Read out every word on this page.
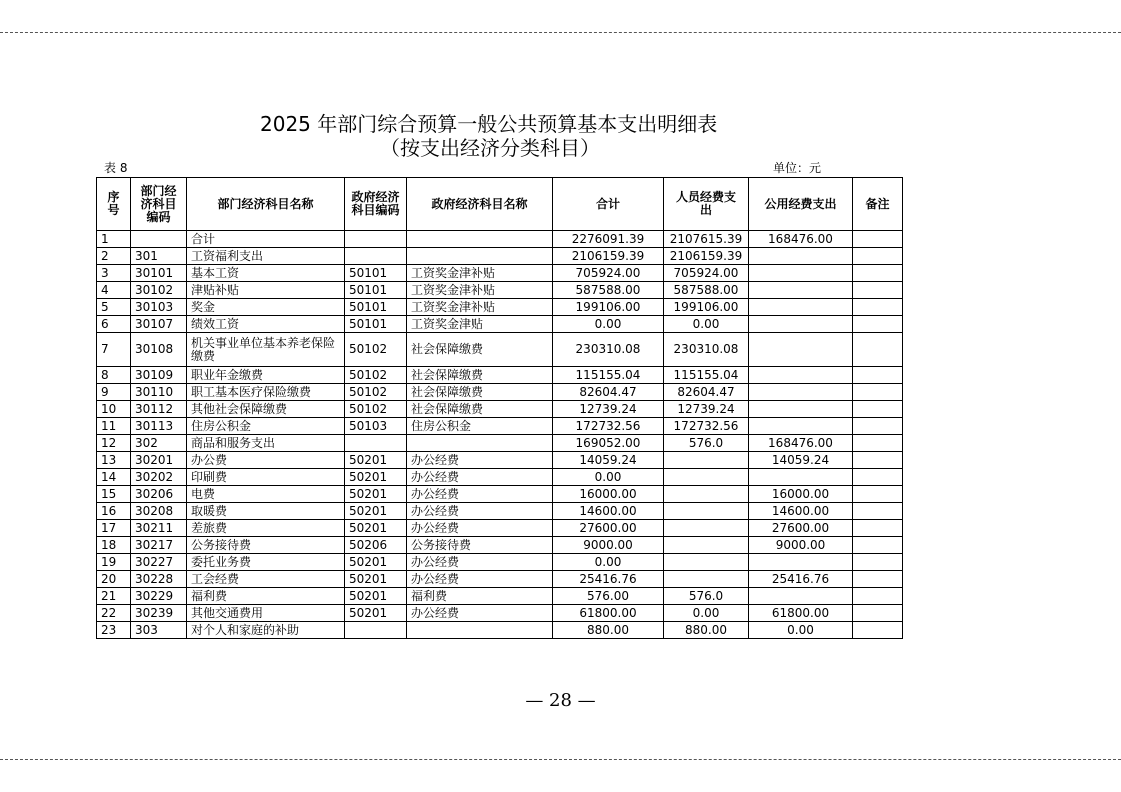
2025 年部门综合预算一般公共预算基本支出明细表
（按支出经济分类科目）
表 8	单位：元
序号	部门经济科目编码	部门经济科目名称	政府经济科目编码	政府经济科目名称	合计	人员经费支出	公用经费支出	备注
1		合计			2276091.39	2107615.39	168476.00	
2	301	工资福利支出			2106159.39	2106159.39		
3	30101	基本工资	50101	工资奖金津补贴	705924.00	705924.00		
4	30102	津贴补贴	50101	工资奖金津补贴	587588.00	587588.00		
5	30103	奖金	50101	工资奖金津补贴	199106.00	199106.00		
6	30107	绩效工资	50101	工资奖金津贴	0.00	0.00		
7	30108	机关事业单位基本养老保险缴费	50102	社会保障缴费	230310.08	230310.08		
8	30109	职业年金缴费	50102	社会保障缴费	115155.04	115155.04		
9	30110	职工基本医疗保险缴费	50102	社会保障缴费	82604.47	82604.47		
10	30112	其他社会保障缴费	50102	社会保障缴费	12739.24	12739.24		
11	30113	住房公积金	50103	住房公积金	172732.56	172732.56		
12	302	商品和服务支出			169052.00	576.0	168476.00	
13	30201	办公费	50201	办公经费	14059.24		14059.24	
14	30202	印刷费	50201	办公经费	0.00			
15	30206	电费	50201	办公经费	16000.00		16000.00	
16	30208	取暖费	50201	办公经费	14600.00		14600.00	
17	30211	差旅费	50201	办公经费	27600.00		27600.00	
18	30217	公务接待费	50206	公务接待费	9000.00		9000.00	
19	30227	委托业务费	50201	办公经费	0.00			
20	30228	工会经费	50201	办公经费	25416.76		25416.76	
21	30229	福利费	50201	福利费	576.00	576.0		
22	30239	其他交通费用	50201	办公经费	61800.00	0.00	61800.00	
23	303	对个人和家庭的补助			880.00	880.00	0.00	
— 28 —
